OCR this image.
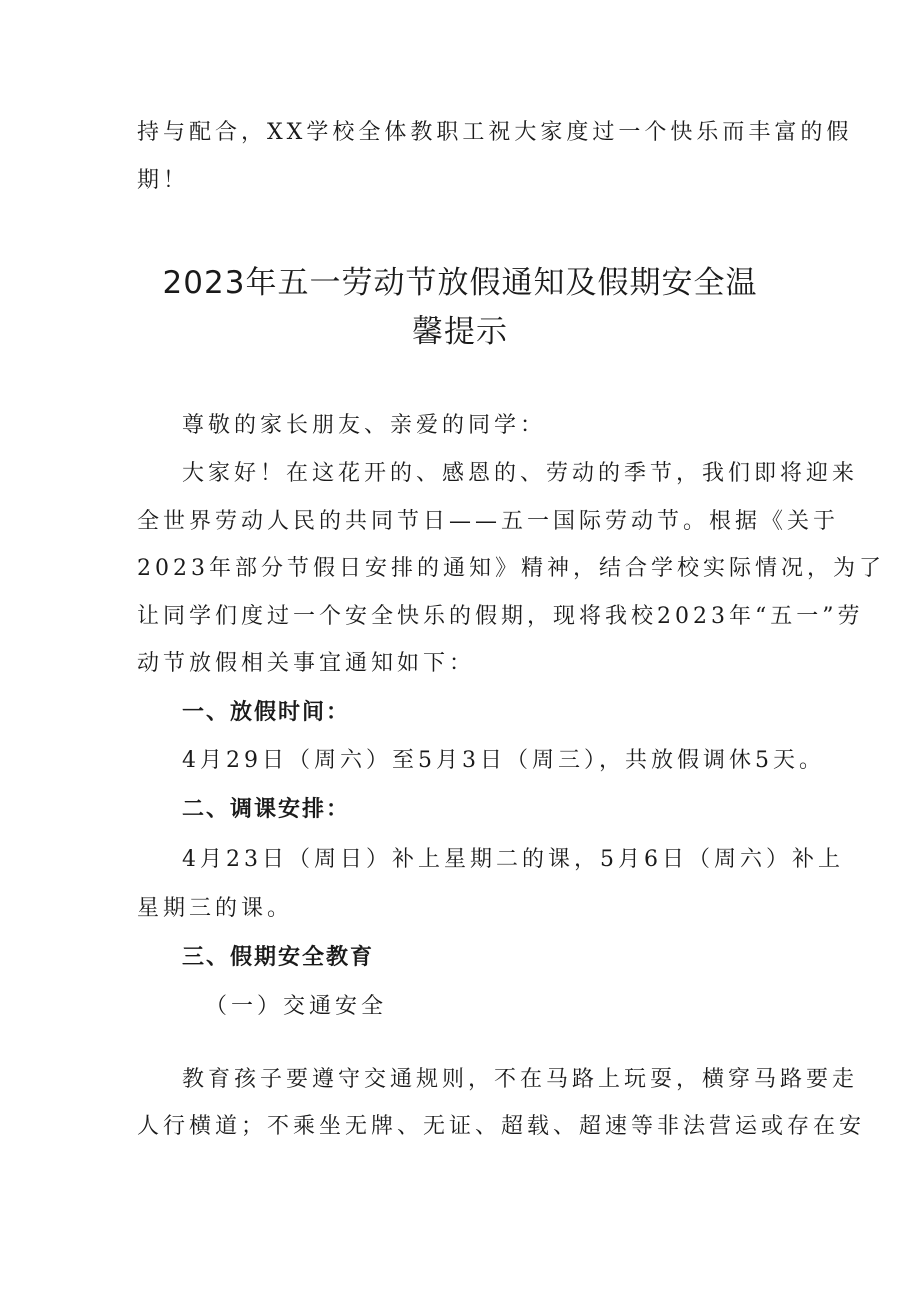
持与配合，XX学校全体教职工祝大家度过一个快乐而丰富的假
期！
2023年五一劳动节放假通知及假期安全温
馨提示
尊敬的家长朋友、亲爱的同学：
大家好！在这花开的、感恩的、劳动的季节，我们即将迎来
全世界劳动人民的共同节日——五一国际劳动节。根据《关于
2023年部分节假日安排的通知》精神，结合学校实际情况，为了
让同学们度过一个安全快乐的假期，现将我校2023年“五一”劳
动节放假相关事宜通知如下：
一、放假时间：
4月29日（周六）至5月3日（周三），共放假调休5天。
二、调课安排：
4月23日（周日）补上星期二的课，5月6日（周六）补上
星期三的课。
三、假期安全教育
（一）交通安全
教育孩子要遵守交通规则，不在马路上玩耍，横穿马路要走
人行横道；不乘坐无牌、无证、超载、超速等非法营运或存在安
